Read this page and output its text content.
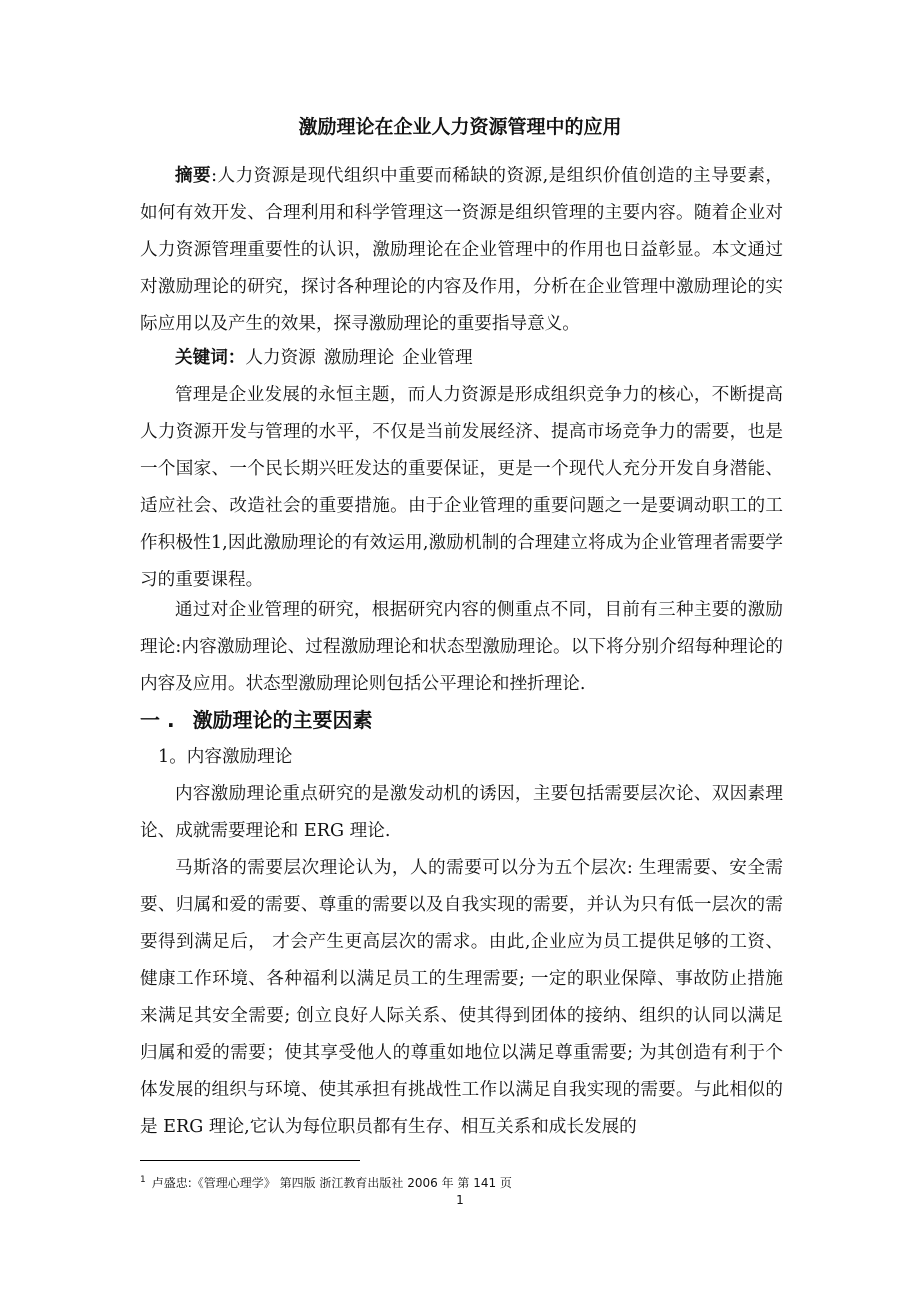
激励理论在企业人力资源管理中的应用

摘要:人力资源是现代组织中重要而稀缺的资源,是组织价值创造的主导要素，如何有效开发、合理利用和科学管理这一资源是组织管理的主要内容。随着企业对人力资源管理重要性的认识，激励理论在企业管理中的作用也日益彰显。本文通过对激励理论的研究，探讨各种理论的内容及作用，分析在企业管理中激励理论的实际应用以及产生的效果，探寻激励理论的重要指导意义。

关键词：人力资源 激励理论 企业管理

管理是企业发展的永恒主题，而人力资源是形成组织竞争力的核心，不断提高人力资源开发与管理的水平，不仅是当前发展经济、提高市场竞争力的需要，也是一个国家、一个民长期兴旺发达的重要保证，更是一个现代人充分开发自身潜能、适应社会、改造社会的重要措施。由于企业管理的重要问题之一是要调动职工的工作积极性1,因此激励理论的有效运用,激励机制的合理建立将成为企业管理者需要学习的重要课程。

通过对企业管理的研究，根据研究内容的侧重点不同，目前有三种主要的激励理论:内容激励理论、过程激励理论和状态型激励理论。以下将分别介绍每种理论的内容及应用。状态型激励理论则包括公平理论和挫折理论.

一 . 激励理论的主要因素
1。内容激励理论

内容激励理论重点研究的是激发动机的诱因，主要包括需要层次论、双因素理论、成就需要理论和 ERG 理论.

马斯洛的需要层次理论认为，人的需要可以分为五个层次: 生理需要、安全需要、归属和爱的需要、尊重的需要以及自我实现的需要，并认为只有低一层次的需要得到满足后， 才会产生更高层次的需求。由此,企业应为员工提供足够的工资、健康工作环境、各种福利以满足员工的生理需要; 一定的职业保障、事故防止措施来满足其安全需要; 创立良好人际关系、使其得到团体的接纳、组织的认同以满足归属和爱的需要；使其享受他人的尊重如地位以满足尊重需要; 为其创造有利于个体发展的组织与环境、使其承担有挑战性工作以满足自我实现的需要。与此相似的是 ERG 理论,它认为每位职员都有生存、相互关系和成长发展的

$^1$ 卢盛忠:《管理心理学》 第四版 浙江教育出版社 2006 年 第 141 页
1
